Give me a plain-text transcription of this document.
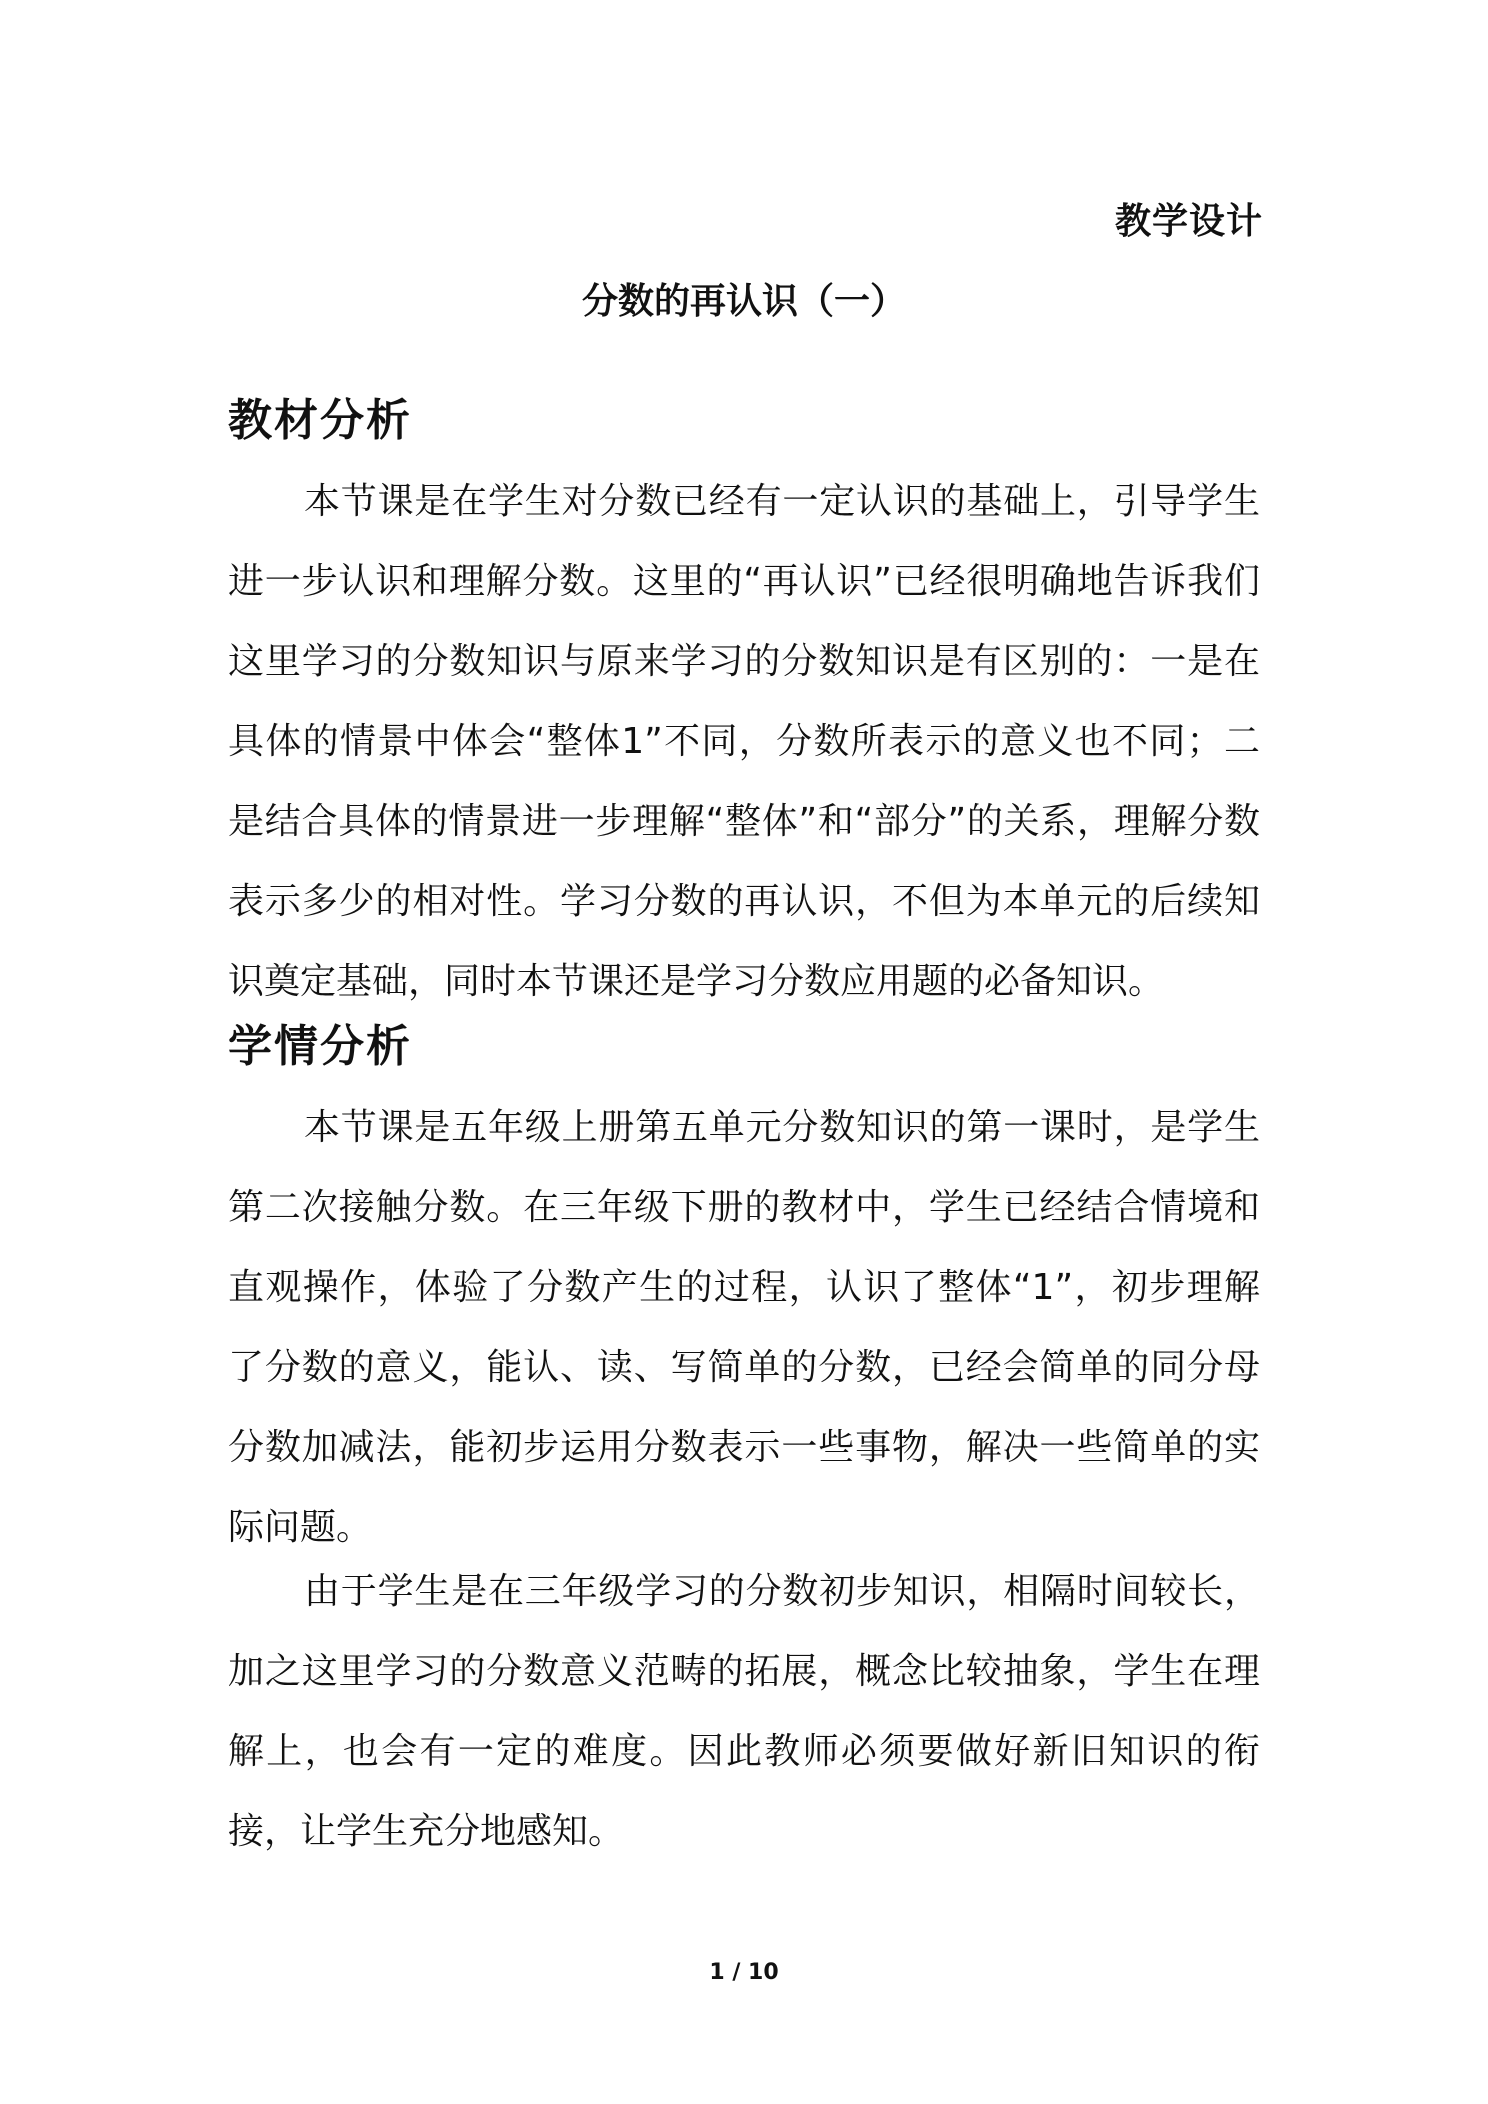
教学设计

分数的再认识（一）
教材分析

本节课是在学生对分数已经有一定认识的基础上，引导学生进一步认识和理解分数。这里的“再认识”已经很明确地告诉我们这里学习的分数知识与原来学习的分数知识是有区别的：一是在具体的情景中体会“整体1”不同，分数所表示的意义也不同；二是结合具体的情景进一步理解“整体”和“部分”的关系，理解分数表示多少的相对性。学习分数的再认识，不但为本单元的后续知识奠定基础，同时本节课还是学习分数应用题的必备知识。

学情分析

本节课是五年级上册第五单元分数知识的第一课时，是学生第二次接触分数。在三年级下册的教材中，学生已经结合情境和直观操作，体验了分数产生的过程，认识了整体“1”，初步理解了分数的意义，能认、读、写简单的分数，已经会简单的同分母分数加减法，能初步运用分数表示一些事物，解决一些简单的实际问题。

由于学生是在三年级学习的分数初步知识，相隔时间较长，加之这里学习的分数意义范畴的拓展，概念比较抽象，学生在理解上，也会有一定的难度。因此教师必须要做好新旧知识的衔接，让学生充分地感知。

1 / 10
